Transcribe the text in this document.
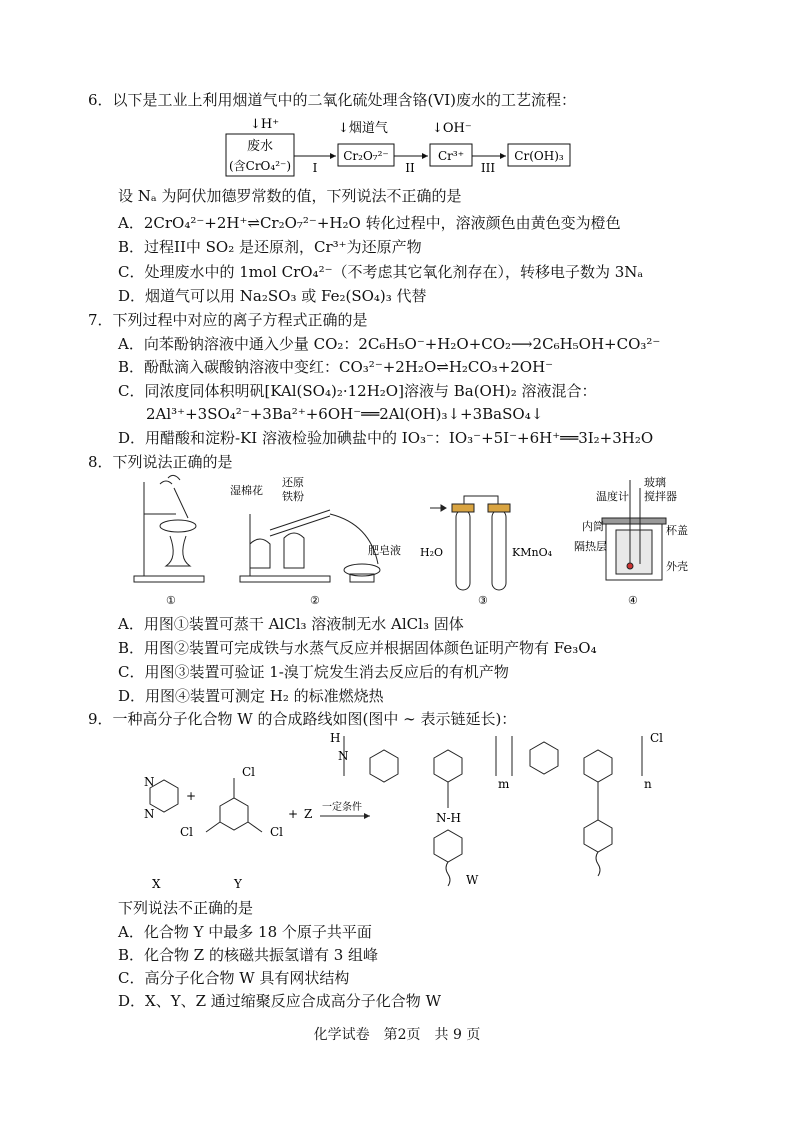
6．以下是工业上利用烟道气中的二氧化硫处理含铬(VI)废水的工艺流程：
↓H⁺
废水
(含CrO₄²⁻) I
↓烟道气
Cr₂O₇²⁻
II
↓OH⁻
Cr³⁺
III
Cr(OH)₃
设 Nₐ 为阿伏加德罗常数的值，下列说法不正确的是
A．2CrO₄²⁻+2H⁺⇌Cr₂O₇²⁻+H₂O 转化过程中，溶液颜色由黄色变为橙色
B．过程II中 SO₂ 是还原剂，Cr³⁺为还原产物
C．处理废水中的 1mol CrO₄²⁻（不考虑其它氧化剂存在），转移电子数为 3Nₐ
D．烟道气可以用 Na₂SO₃ 或 Fe₂(SO₄)₃ 代替
7．下列过程中对应的离子方程式正确的是
A．向苯酚钠溶液中通入少量 CO₂：2C₆H₅O⁻+H₂O+CO₂⟶2C₆H₅OH+CO₃²⁻
B．酚酞滴入碳酸钠溶液中变红：CO₃²⁻+2H₂O⇌H₂CO₃+2OH⁻
C．同浓度同体积明矾[KAl(SO₄)₂·12H₂O]溶液与 Ba(OH)₂ 溶液混合：
2Al³⁺+3SO₄²⁻+3Ba²⁺+6OH⁻══2Al(OH)₃↓+3BaSO₄↓
D．用醋酸和淀粉-KI 溶液检验加碘盐中的 IO₃⁻：IO₃⁻+5I⁻+6H⁺══3I₂+3H₂O
8．下列说法正确的是
①
湿棉花
还原
铁粉
肥皂液
②
H₂O	KMnO₄
③
温度计
玻璃
搅拌器
内筒	杯盖
隔热层
外壳
④
A．用图①装置可蒸干 AlCl₃ 溶液制无水 AlCl₃ 固体
B．用图②装置可完成铁与水蒸气反应并根据固体颜色证明产物有 Fe₃O₄
C．用图③装置可验证 1-溴丁烷发生消去反应后的有机产物
D．用图④装置可测定 H₂ 的标准燃烧热
9．一种高分子化合物 W 的合成路线如图(图中 ∼ 表示链延长)：
N
N
X
+
Cl
Cl	Cl
Y
+ Z 一定条件
H
N
N-H
Cl
m	n
W
下列说法不正确的是
A．化合物 Y 中最多 18 个原子共平面
B．化合物 Z 的核磁共振氢谱有 3 组峰
C．高分子化合物 W 具有网状结构
D．X、Y、Z 通过缩聚反应合成高分子化合物 W
化学试卷　第2页　共 9 页
